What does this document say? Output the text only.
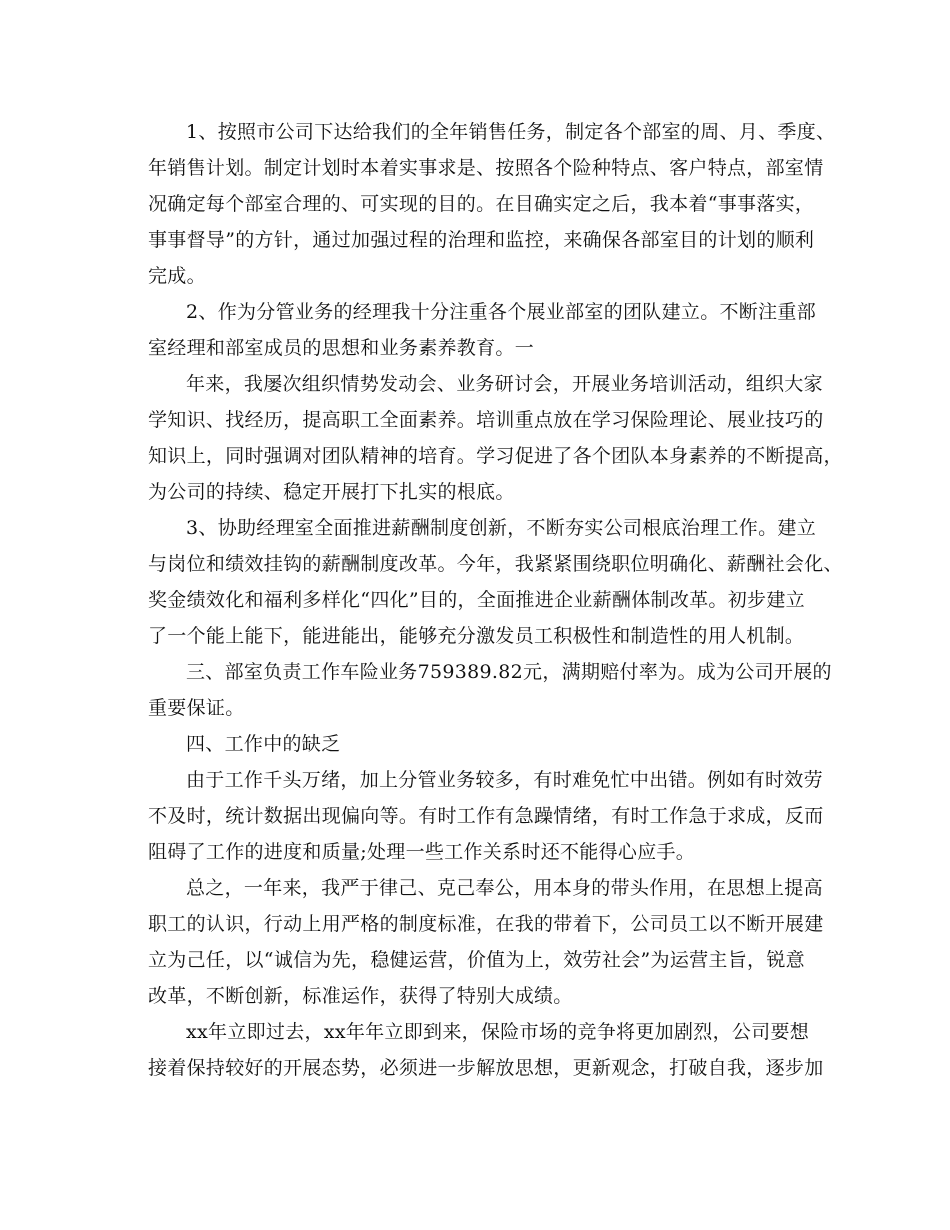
1、按照市公司下达给我们的全年销售任务，制定各个部室的周、月、季度、
年销售计划。制定计划时本着实事求是、按照各个险种特点、客户特点，部室情
况确定每个部室合理的、可实现的目的。在目确实定之后，我本着“事事落实，
事事督导”的方针，通过加强过程的治理和监控，来确保各部室目的计划的顺利
完成。
2、作为分管业务的经理我十分注重各个展业部室的团队建立。不断注重部
室经理和部室成员的思想和业务素养教育。一
年来，我屡次组织情势发动会、业务研讨会，开展业务培训活动，组织大家
学知识、找经历，提高职工全面素养。培训重点放在学习保险理论、展业技巧的
知识上，同时强调对团队精神的培育。学习促进了各个团队本身素养的不断提高，
为公司的持续、稳定开展打下扎实的根底。
3、协助经理室全面推进薪酬制度创新，不断夯实公司根底治理工作。建立
与岗位和绩效挂钩的薪酬制度改革。今年，我紧紧围绕职位明确化、薪酬社会化、
奖金绩效化和福利多样化“四化”目的，全面推进企业薪酬体制改革。初步建立
了一个能上能下，能进能出，能够充分激发员工积极性和制造性的用人机制。
三、部室负责工作车险业务759389.82元，满期赔付率为。成为公司开展的
重要保证。
四、工作中的缺乏
由于工作千头万绪，加上分管业务较多，有时难免忙中出错。例如有时效劳
不及时，统计数据出现偏向等。有时工作有急躁情绪，有时工作急于求成，反而
阻碍了工作的进度和质量;处理一些工作关系时还不能得心应手。
总之，一年来，我严于律己、克己奉公，用本身的带头作用，在思想上提高
职工的认识，行动上用严格的制度标准，在我的带着下，公司员工以不断开展建
立为己任，以“诚信为先，稳健运营，价值为上，效劳社会”为运营主旨，锐意
改革，不断创新，标准运作，获得了特别大成绩。
xx年立即过去，xx年年立即到来，保险市场的竞争将更加剧烈，公司要想
接着保持较好的开展态势，必须进一步解放思想，更新观念，打破自我，逐步加
